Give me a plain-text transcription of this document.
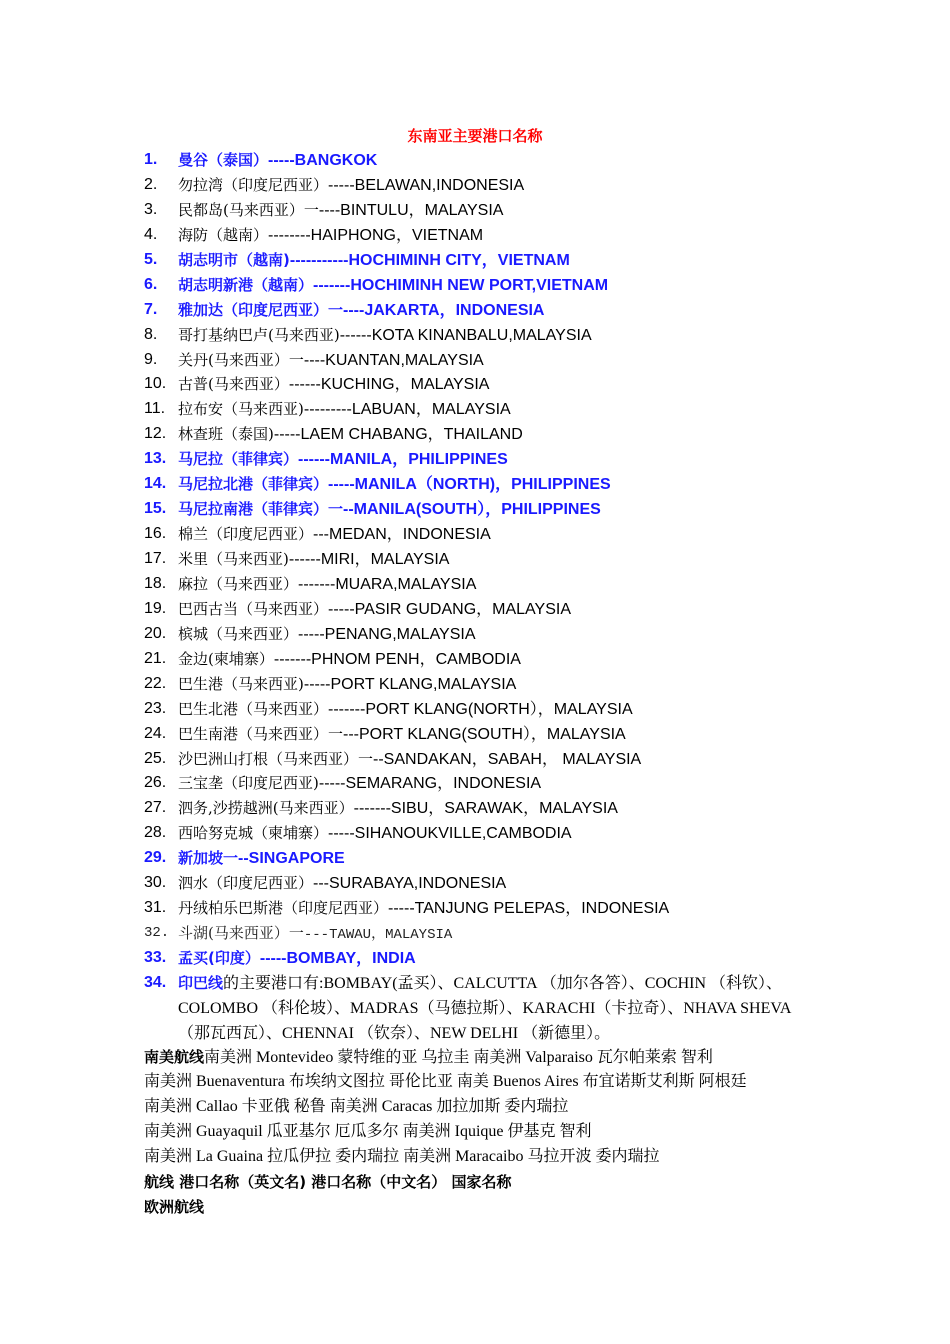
东南亚主要港口名称
1.	曼谷（泰国）-----BANGKOK
2.	勿拉湾（印度尼西亚）-----BELAWAN,INDONESIA
3.	民都岛(马来西亚）一----BINTULU，MALAYSIA
4.	海防（越南）--------HAIPHONG，VIETNAM
5.	胡志明市（越南)-----------HOCHIMINH CITY，VIETNAM
6.	胡志明新港（越南）-------HOCHIMINH NEW PORT,VIETNAM
7.	雅加达（印度尼西亚）一----JAKARTA，INDONESIA
8.	哥打基纳巴卢(马来西亚)------KOTA KINANBALU,MALAYSIA
9.	关丹(马来西亚）一----KUANTAN,MALAYSIA
10. 古普(马来西亚）------KUCHING，MALAYSIA
11. 拉布安（马来西亚)---------LABUAN，MALAYSIA
12. 林查班（泰国)-----LAEM CHABANG，THAILAND
13. 马尼拉（菲律宾）------MANILA，PHILIPPINES
14. 马尼拉北港（菲律宾）-----MANILA（NORTH)，PHILIPPINES
15. 马尼拉南港（菲律宾）一--MANILA(SOUTH），PHILIPPINES
16. 棉兰（印度尼西亚）---MEDAN，INDONESIA
17. 米里（马来西亚)------MIRI，MALAYSIA
18. 麻拉（马来西亚）-------MUARA,MALAYSIA
19. 巴西古当（马来西亚）-----PASIR GUDANG，MALAYSIA
20. 槟城（马来西亚）-----PENANG,MALAYSIA
21. 金边(柬埔寨）-------PHNOM PENH，CAMBODIA
22. 巴生港（马来西亚)-----PORT KLANG,MALAYSIA
23. 巴生北港（马来西亚）-------PORT KLANG(NORTH），MALAYSIA
24. 巴生南港（马来西亚）一---PORT KLANG(SOUTH），MALAYSIA
25. 沙巴洲山打根（马来西亚）一--SANDAKAN，SABAH， MALAYSIA
26. 三宝垄（印度尼西亚)-----SEMARANG，INDONESIA
27. 泗务,沙捞越洲(马来西亚）-------SIBU，SARAWAK，MALAYSIA
28. 西哈努克城（柬埔寨）-----SIHANOUKVILLE,CAMBODIA
29. 新加坡一--SINGAPORE
30. 泗水（印度尼西亚）---SURABAYA,INDONESIA
31. 丹绒柏乐巴斯港（印度尼西亚）-----TANJUNG PELEPAS，INDONESIA
32. 斗湖(马来西亚）一---TAWAU，MALAYSIA
33. 孟买(印度）-----BOMBAY，INDIA
34. 印巴线的主要港口有:BOMBAY(孟买）、CALCUTTA （加尔各答）、COCHIN （科钦）、COLOMBO （科伦坡）、MADRAS（马德拉斯）、KARACHI（卡拉奇）、NHAVA SHEVA （那瓦西瓦）、CHENNAI （钦奈）、NEW DELHI （新德里）。
南美航线南美洲 Montevideo 蒙特维的亚 乌拉圭 南美洲 Valparaiso 瓦尔帕莱索 智利
南美洲 Buenaventura 布埃纳文图拉 哥伦比亚 南美 Buenos Aires 布宜诺斯艾利斯 阿根廷
南美洲 Callao 卡亚俄 秘鲁 南美洲 Caracas 加拉加斯 委内瑞拉
南美洲 Guayaquil 瓜亚基尔 厄瓜多尔 南美洲 Iquique 伊基克 智利
南美洲 La Guaina 拉瓜伊拉 委内瑞拉 南美洲 Maracaibo 马拉开波 委内瑞拉
航线 港口名称（英文名) 港口名称（中文名） 国家名称
欧洲航线
